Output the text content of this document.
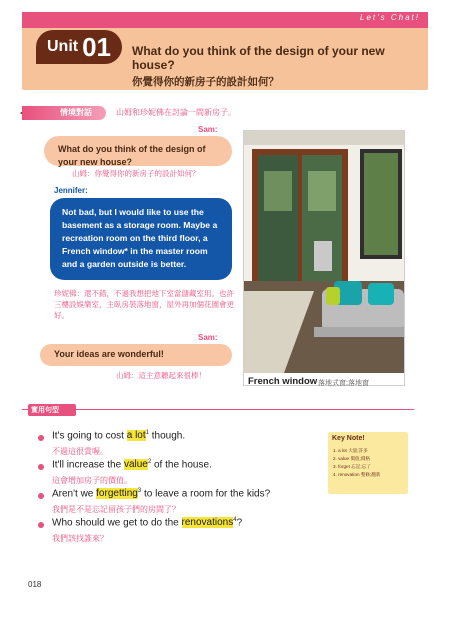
Let's Chat!
Unit 01 What do you think of the design of your new house?
你覺得你的新房子的設計如何？
情境對話	山姆和珍妮佛在討論一間新房子。
Sam:
What do you think of the design of your new house?
山姆：你覺得你的新房子的設計如何？
Jennifer:
Not bad, but I would like to use the basement as a storage room. Maybe a recreation room on the third floor, a French window* in the master room and a garden outside is better.
珍妮佛：還不錯，不過我想把地下室當儲藏室用。也許三樓設娛樂室，主臥房裝落地窗，屋外再加個花園會更好。
Sam:
Your ideas are wonderful!
山姆：這主意聽起來很棒！
French window 落地式窗;落地窗
實用句型
It's going to cost a lot$^1$ though.
不過這很貴喔。
It'll increase the value$^2$ of the house.
這會增加房子的價值。
Aren't we forgetting$^3$ to leave a room for the kids?
我們是不是忘記留孩子們的房間了？
Who should we get to do the renovations$^4$?
我們該找誰來？
Key Note!
1. a lot 大量;許多
2. value 價值;價格
3. forget 忘記;忘了
4. renovation 整修;翻新
018
